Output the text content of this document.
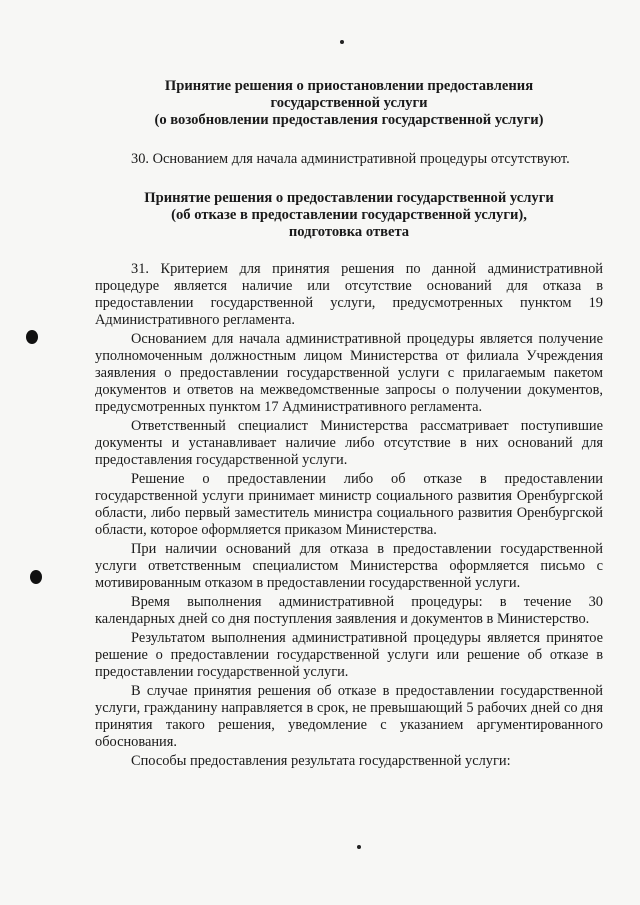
Принятие решения о приостановлении предоставления
государственной услуги
(о возобновлении предоставления государственной услуги)

30. Основанием для начала административной процедуры отсутствуют.

Принятие решения о предоставлении государственной услуги
(об отказе в предоставлении государственной услуги),
подготовка ответа

31. Критерием для принятия решения по данной административной процедуре является наличие или отсутствие оснований для отказа в предоставлении государственной услуги, предусмотренных пунктом 19 Административного регламента.

Основанием для начала административной процедуры является получение уполномоченным должностным лицом Министерства от филиала Учреждения заявления о предоставлении государственной услуги с прилагаемым пакетом документов и ответов на межведомственные запросы о получении документов, предусмотренных пунктом 17 Административного регламента.

Ответственный специалист Министерства рассматривает поступившие документы и устанавливает наличие либо отсутствие в них оснований для предоставления государственной услуги.

Решение о предоставлении либо об отказе в предоставлении государственной услуги принимает министр социального развития Оренбургской области, либо первый заместитель министра социального развития Оренбургской области, которое оформляется приказом Министерства.

При наличии оснований для отказа в предоставлении государственной услуги ответственным специалистом Министерства оформляется письмо с мотивированным отказом в предоставлении государственной услуги.

Время выполнения административной процедуры: в течение 30 календарных дней со дня поступления заявления и документов в Министерство.

Результатом выполнения административной процедуры является принятое решение о предоставлении государственной услуги или решение об отказе в предоставлении государственной услуги.

В случае принятия решения об отказе в предоставлении государственной услуги, гражданину направляется в срок, не превышающий 5 рабочих дней со дня принятия такого решения, уведомление с указанием аргументированного обоснования.

Способы предоставления результата государственной услуги:
